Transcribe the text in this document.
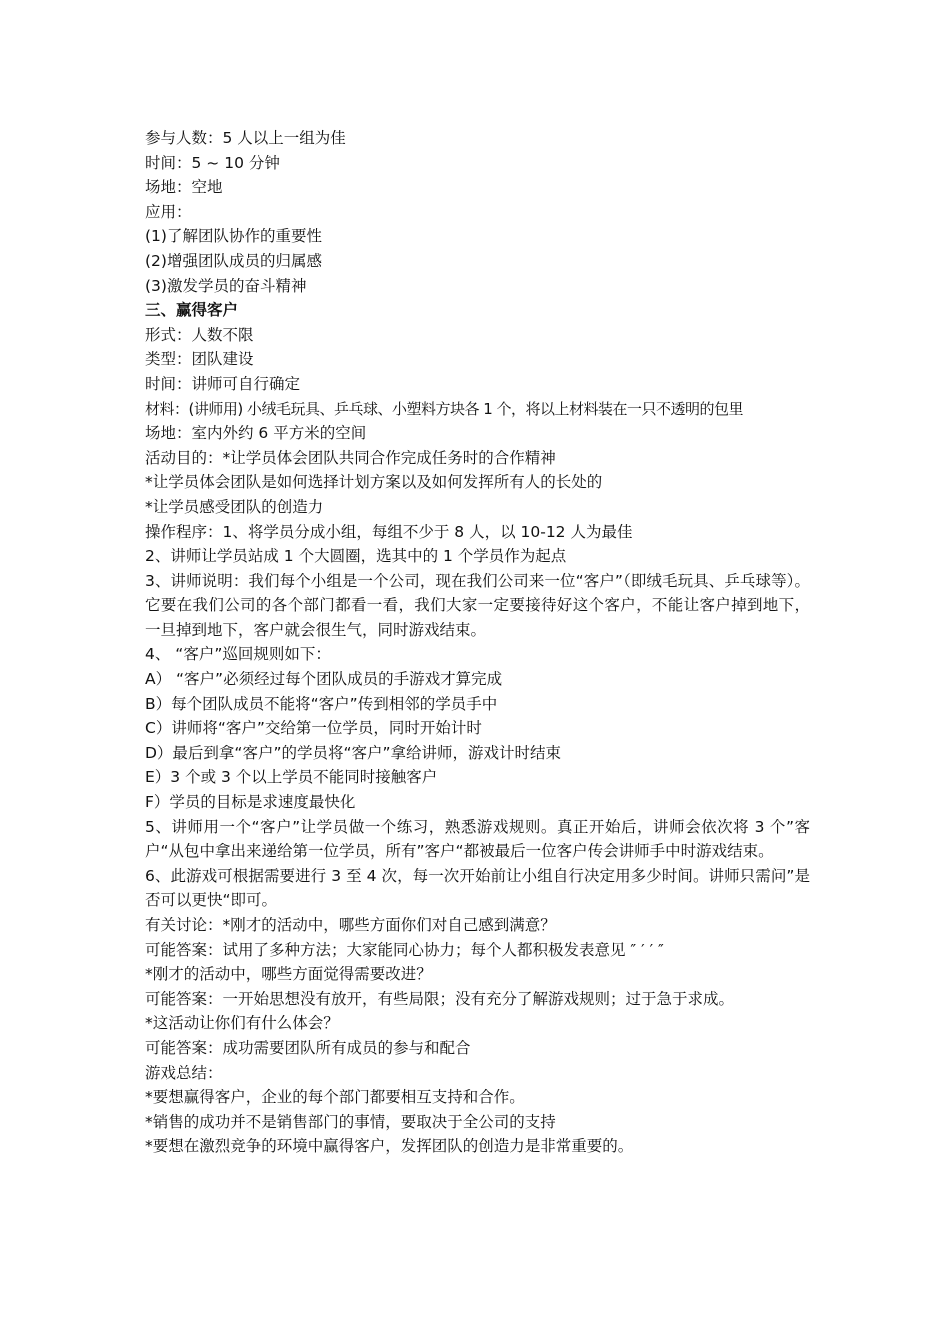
参与人数：5 人以上一组为佳
时间：5 ~ 10 分钟
场地：空地
应用：
(1)了解团队协作的重要性
(2)增强团队成员的归属感
(3)激发学员的奋斗精神
三、赢得客户
形式：人数不限
类型：团队建设
时间：讲师可自行确定
材料：(讲师用) 小绒毛玩具、乒乓球、小塑料方块各 1 个，将以上材料装在一只不透明的包里
场地：室内外约 6 平方米的空间
活动目的：*让学员体会团队共同合作完成任务时的合作精神
*让学员体会团队是如何选择计划方案以及如何发挥所有人的长处的
*让学员感受团队的创造力
操作程序：1、将学员分成小组，每组不少于 8 人，以 10-12 人为最佳
2、讲师让学员站成 1 个大圆圈，选其中的 1 个学员作为起点
3、讲师说明：我们每个小组是一个公司，现在我们公司来一位“客户”（即绒毛玩具、乒乓球等）。它要在我们公司的各个部门都看一看，我们大家一定要接待好这个客户，不能让客户掉到地下，一旦掉到地下，客户就会很生气，同时游戏结束。
4、 “客户”巡回规则如下：
A） “客户”必须经过每个团队成员的手游戏才算完成
B）每个团队成员不能将“客户”传到相邻的学员手中
C）讲师将“客户”交给第一位学员，同时开始计时
D）最后到拿“客户”的学员将“客户”拿给讲师，游戏计时结束
E）3 个或 3 个以上学员不能同时接触客户
F）学员的目标是求速度最快化
5、讲师用一个“客户”让学员做一个练习，熟悉游戏规则。真正开始后，讲师会依次将 3 个”客户“从包中拿出来递给第一位学员，所有”客户“都被最后一位客户传会讲师手中时游戏结束。
6、此游戏可根据需要进行 3 至 4 次，每一次开始前让小组自行决定用多少时间。讲师只需问”是否可以更快“即可。
有关讨论：*刚才的活动中，哪些方面你们对自己感到满意？
可能答案：试用了多种方法；大家能同心协力；每个人都积极发表意见 ″ ′ ′ ″
*刚才的活动中，哪些方面觉得需要改进？
可能答案：一开始思想没有放开，有些局限；没有充分了解游戏规则；过于急于求成。
*这活动让你们有什么体会？
可能答案：成功需要团队所有成员的参与和配合
游戏总结：
*要想赢得客户，企业的每个部门都要相互支持和合作。
*销售的成功并不是销售部门的事情，要取决于全公司的支持
*要想在激烈竞争的环境中赢得客户，发挥团队的创造力是非常重要的。
